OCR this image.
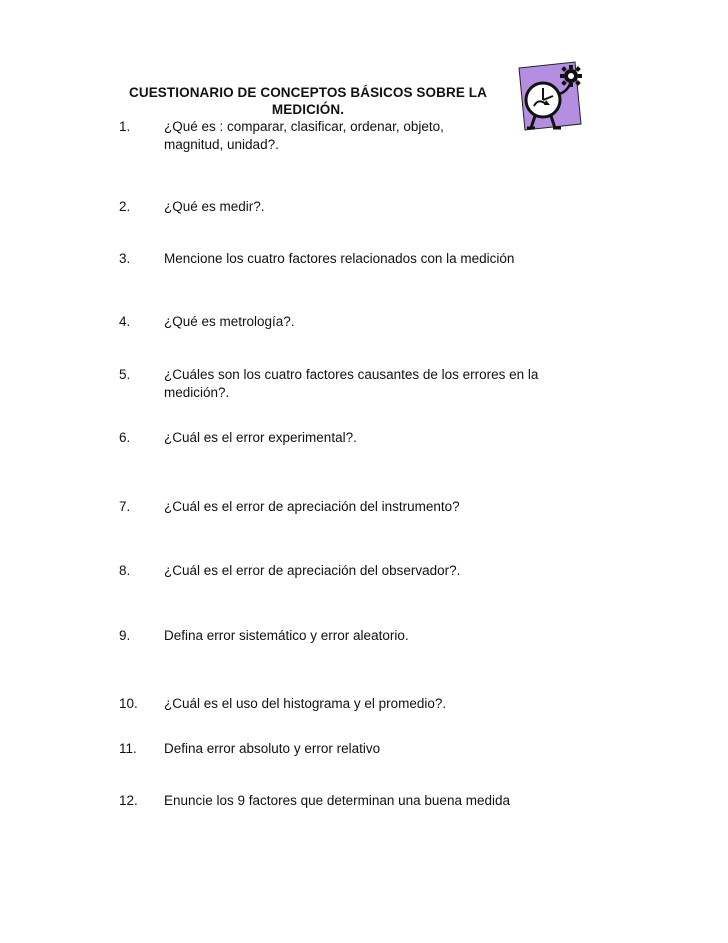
CUESTIONARIO DE CONCEPTOS BÁSICOS SOBRE LA
MEDICIÓN.
1.	¿Qué es : comparar, clasificar, ordenar, objeto, magnitud, unidad?.
2.	¿Qué es medir?.
3.	Mencione los cuatro factores relacionados con la medición
4.	¿Qué es metrología?.
5.	¿Cuáles son los cuatro factores causantes de los errores en la medición?.
6.	¿Cuál es el error experimental?.
7.	¿Cuál es el error de apreciación del instrumento?
8.	¿Cuál es el error de apreciación del observador?.
9.	Defina error sistemático y error aleatorio.
10.	¿Cuál es el uso del histograma y el promedio?.
11.	Defina error absoluto y error relativo
12.	Enuncie los 9 factores que determinan una buena medida
